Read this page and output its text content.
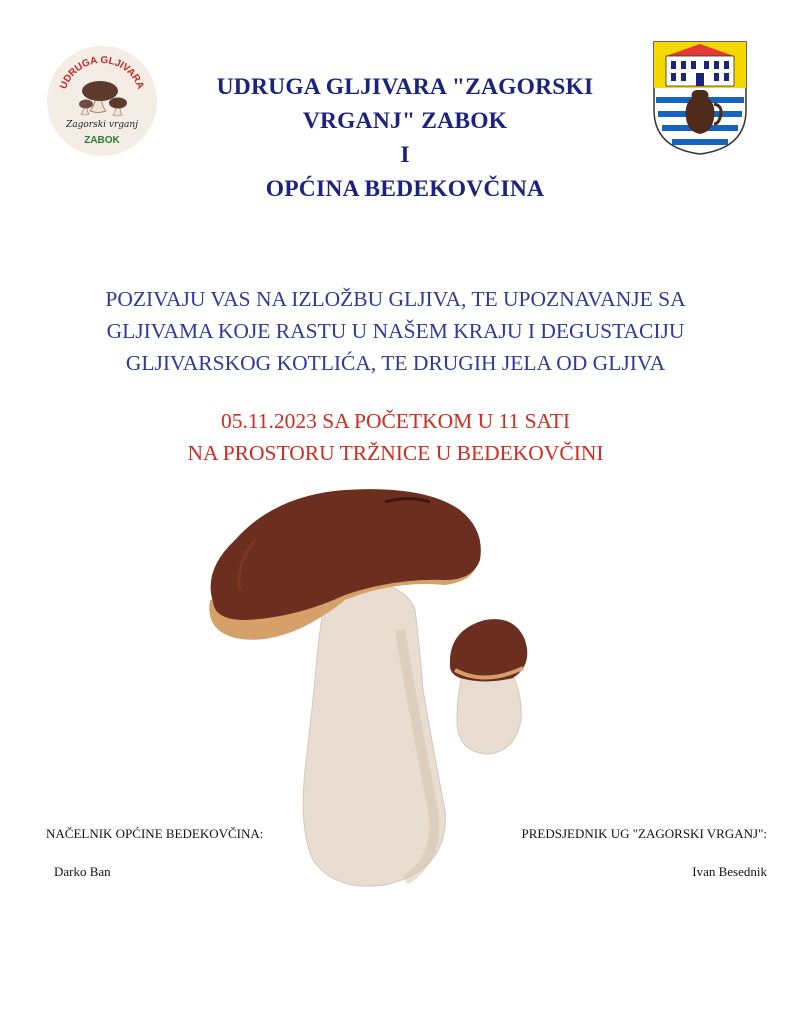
UDRUGA GLJIVARA
Zagorski vrganj
ZABOK
UDRUGA GLJIVARA "ZAGORSKI
VRGANJ" ZABOK
I
OPĆINA BEDEKOVČINA
POZIVAJU VAS NA IZLOŽBU GLJIVA, TE UPOZNAVANJE SA
GLJIVAMA KOJE RASTU U NAŠEM KRAJU I DEGUSTACIJU
GLJIVARSKOG KOTLIĆA, TE DRUGIH JELA OD GLJIVA
05.11.2023 SA POČETKOM U 11 SATI
NA PROSTORU TRŽNICE U BEDEKOVČINI
NAČELNIK OPĆINE BEDEKOVČINA:
Darko Ban
PREDSJEDNIK UG "ZAGORSKI VRGANJ":
Ivan Besednik
